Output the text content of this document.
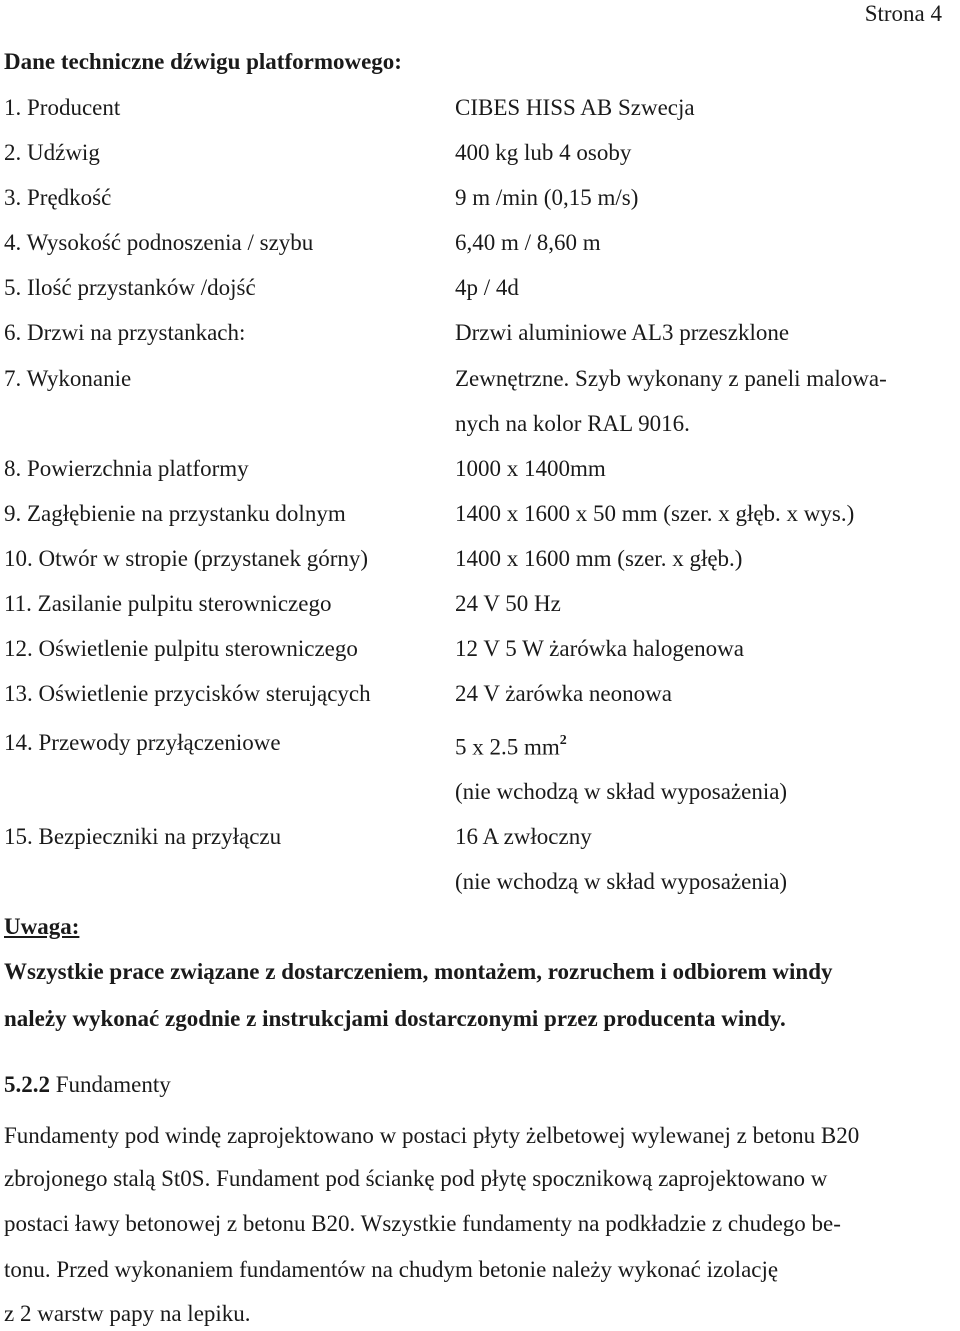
Strona 4
Dane techniczne dźwigu platformowego:
1. Producent	CIBES HISS AB Szwecja
2. Udźwig	400 kg lub 4 osoby
3. Prędkość	9 m /min (0,15 m/s)
4. Wysokość podnoszenia / szybu	6,40 m / 8,60 m
5. Ilość przystanków /dojść	4p / 4d
6. Drzwi na przystankach:	Drzwi aluminiowe AL3 przeszklone
7. Wykonanie	Zewnętrzne. Szyb wykonany z paneli malowa-
nych na kolor RAL 9016.
8. Powierzchnia platformy	1000 x 1400mm
9. Zagłębienie na przystanku dolnym	1400 x 1600 x 50 mm (szer. x głęb. x wys.)
10. Otwór w stropie (przystanek górny)	1400 x 1600 mm (szer. x głęb.)
11. Zasilanie pulpitu sterowniczego	24 V 50 Hz
12. Oświetlenie pulpitu sterowniczego	12 V 5 W żarówka halogenowa
13. Oświetlenie przycisków sterujących	24 V żarówka neonowa
14. Przewody przyłączeniowe	5 x 2.5 $mm^2$
(nie wchodzą w skład wyposażenia)
15. Bezpieczniki na przyłączu	16 A zwłoczny
(nie wchodzą w skład wyposażenia)
Uwaga:
Wszystkie prace związane z dostarczeniem, montażem, rozruchem i odbiorem windy
należy wykonać zgodnie z instrukcjami dostarczonymi przez producenta windy.
5.2.2 Fundamenty
Fundamenty pod windę zaprojektowano w postaci płyty żelbetowej wylewanej z betonu B20
zbrojonego stalą St0S. Fundament pod ściankę pod płytę spocznikową zaprojektowano w
postaci ławy betonowej z betonu B20. Wszystkie fundamenty na podkładzie z chudego be-
tonu. Przed wykonaniem fundamentów na chudym betonie należy wykonać izolację
z 2 warstw papy na lepiku.
